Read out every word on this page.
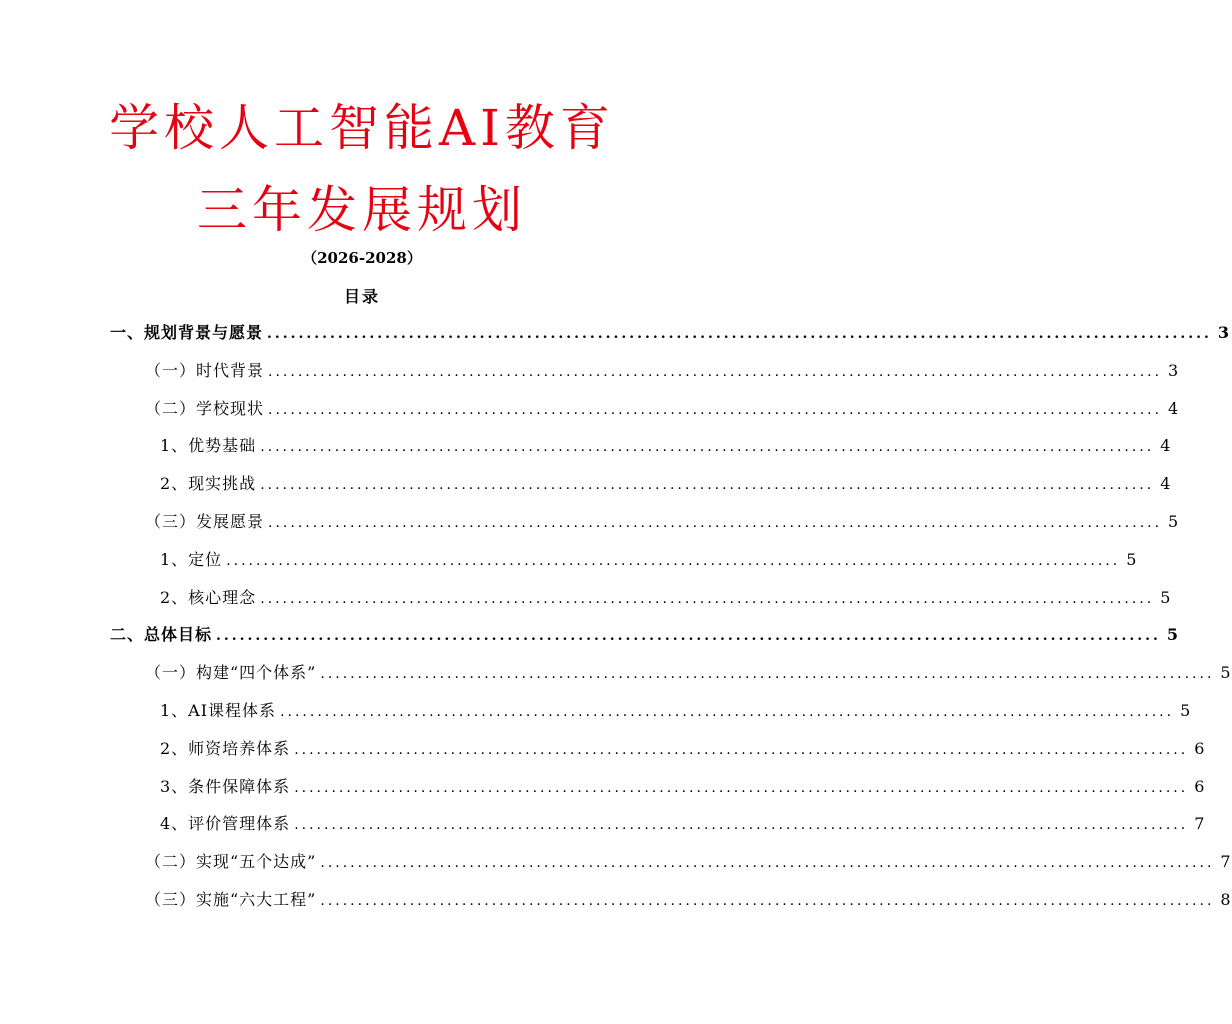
学校人工智能AI教育
三年发展规划
（2026-2028）
目录
一、规划背景与愿景 ........................................................................................................................ 3
（一）时代背景 ........................................................................................................................ 3
（二）学校现状 ........................................................................................................................ 4
1、优势基础 ........................................................................................................................ 4
2、现实挑战 ........................................................................................................................ 4
（三）发展愿景 ........................................................................................................................ 5
1、定位 ........................................................................................................................ 5
2、核心理念 ........................................................................................................................ 5
二、总体目标 ........................................................................................................................ 5
（一）构建“四个体系” ........................................................................................................................ 5
1、AI课程体系 ........................................................................................................................ 5
2、师资培养体系 ........................................................................................................................ 6
3、条件保障体系 ........................................................................................................................ 6
4、评价管理体系 ........................................................................................................................ 7
（二）实现“五个达成” ........................................................................................................................ 7
（三）实施“六大工程” ........................................................................................................................ 8
